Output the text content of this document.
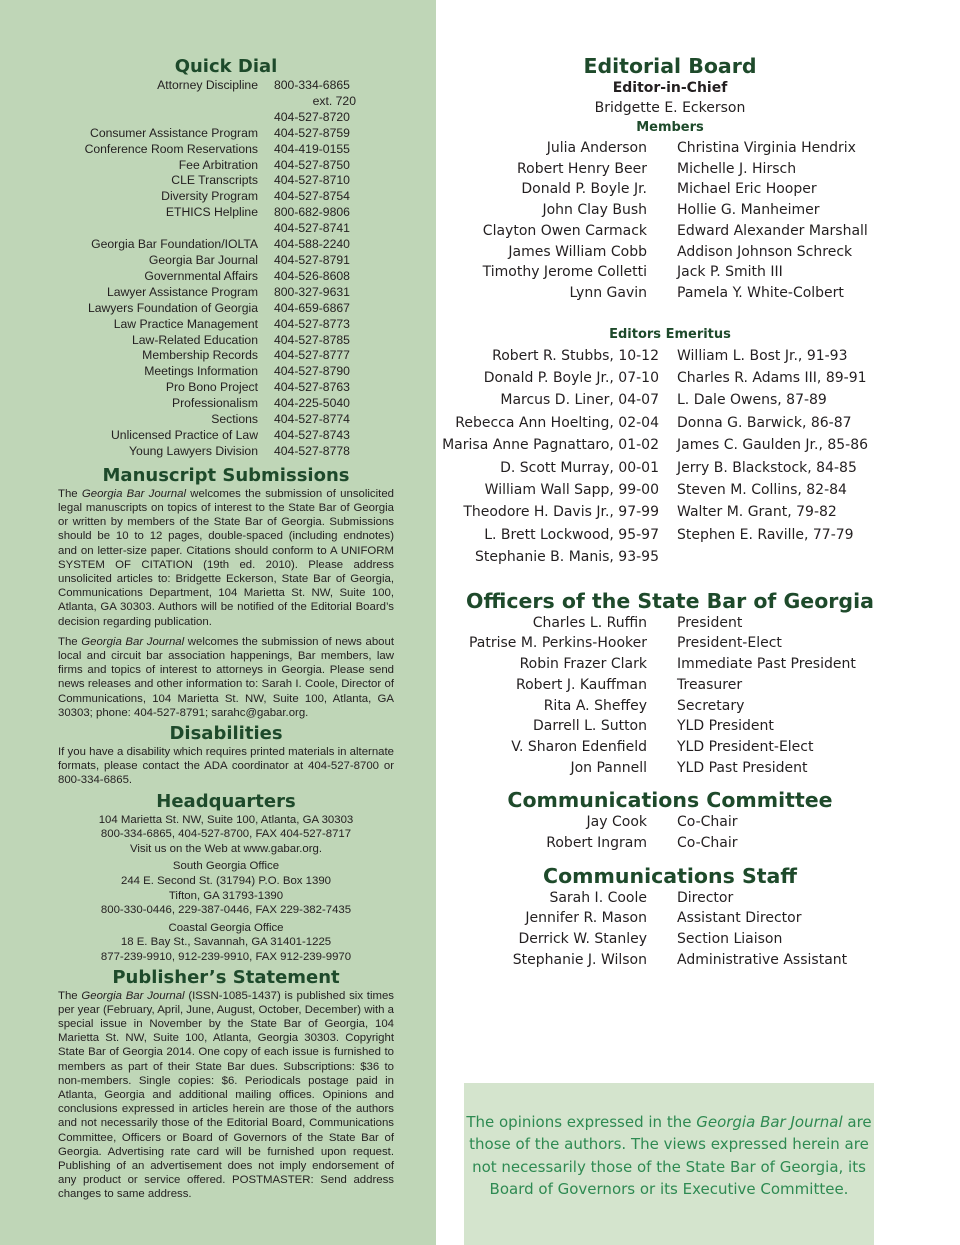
Quick Dial
Attorney Discipline 800-334-6865
ext. 720
404-527-8720
Consumer Assistance Program 404-527-8759
Conference Room Reservations 404-419-0155
Fee Arbitration 404-527-8750
CLE Transcripts 404-527-8710
Diversity Program 404-527-8754
ETHICS Helpline 800-682-9806
404-527-8741
Georgia Bar Foundation/IOLTA 404-588-2240
Georgia Bar Journal 404-527-8791
Governmental Affairs 404-526-8608
Lawyer Assistance Program 800-327-9631
Lawyers Foundation of Georgia 404-659-6867
Law Practice Management 404-527-8773
Law-Related Education 404-527-8785
Membership Records 404-527-8777
Meetings Information 404-527-8790
Pro Bono Project 404-527-8763
Professionalism 404-225-5040
Sections 404-527-8774
Unlicensed Practice of Law 404-527-8743
Young Lawyers Division 404-527-8778
Manuscript Submissions

The Georgia Bar Journal welcomes the submission of unsolicited legal manuscripts on topics of interest to the State Bar of Georgia or written by members of the State Bar of Georgia. Submissions should be 10 to 12 pages, double-spaced (including endnotes) and on letter-size paper. Citations should conform to A UNIFORM SYSTEM OF CITATION (19th ed. 2010). Please address unsolicited articles to: Bridgette Eckerson, State Bar of Georgia, Communications Department, 104 Marietta St. NW, Suite 100, Atlanta, GA 30303. Authors will be notified of the Editorial Board’s decision regarding publication.

The Georgia Bar Journal welcomes the submission of news about local and circuit bar association happenings, Bar members, law firms and topics of interest to attorneys in Georgia. Please send news releases and other information to: Sarah I. Coole, Director of Communications, 104 Marietta St. NW, Suite 100, Atlanta, GA 30303; phone: 404-527-8791; sarahc@gabar.org.

Disabilities

If you have a disability which requires printed materials in alternate formats, please contact the ADA coordinator at 404-527-8700 or 800-334-6865.

Headquarters

104 Marietta St. NW, Suite 100, Atlanta, GA 30303
800-334-6865, 404-527-8700, FAX 404-527-8717
Visit us on the Web at www.gabar.org.

South Georgia Office
244 E. Second St. (31794) P.O. Box 1390
Tifton, GA 31793-1390
800-330-0446, 229-387-0446, FAX 229-382-7435

Coastal Georgia Office
18 E. Bay St., Savannah, GA 31401-1225
877-239-9910, 912-239-9910, FAX 912-239-9970

Publisher’s Statement

The Georgia Bar Journal (ISSN-1085-1437) is published six times per year (February, April, June, August, October, December) with a special issue in November by the State Bar of Georgia, 104 Marietta St. NW, Suite 100, Atlanta, Georgia 30303. Copyright State Bar of Georgia 2014. One copy of each issue is furnished to members as part of their State Bar dues. Subscriptions: $36 to non-members. Single copies: $6. Periodicals postage paid in Atlanta, Georgia and additional mailing offices. Opinions and conclusions expressed in articles herein are those of the authors and not necessarily those of the Editorial Board, Communications Committee, Officers or Board of Governors of the State Bar of Georgia. Advertising rate card will be furnished upon request. Publishing of an advertisement does not imply endorsement of any product or service offered. POSTMASTER: Send address changes to same address.

Editorial Board

Editor-in-Chief

Bridgette E. Eckerson

Members

Julia Anderson Christina Virginia Hendrix
Robert Henry Beer Michelle J. Hirsch
Donald P. Boyle Jr. Michael Eric Hooper
John Clay Bush Hollie G. Manheimer
Clayton Owen Carmack Edward Alexander Marshall
James William Cobb Addison Johnson Schreck
Timothy Jerome Colletti Jack P. Smith III
Lynn Gavin Pamela Y. White-Colbert

Editors Emeritus

Robert R. Stubbs, 10-12 William L. Bost Jr., 91-93
Donald P. Boyle Jr., 07-10 Charles R. Adams III, 89-91
Marcus D. Liner, 04-07 L. Dale Owens, 87-89
Rebecca Ann Hoelting, 02-04 Donna G. Barwick, 86-87
Marisa Anne Pagnattaro, 01-02 James C. Gaulden Jr., 85-86
D. Scott Murray, 00-01 Jerry B. Blackstock, 84-85
William Wall Sapp, 99-00 Steven M. Collins, 82-84
Theodore H. Davis Jr., 97-99 Walter M. Grant, 79-82
L. Brett Lockwood, 95-97 Stephen E. Raville, 77-79
Stephanie B. Manis, 93-95
Officers of the State Bar of Georgia
Charles L. Ruffin President
Patrise M. Perkins-Hooker President-Elect
Robin Frazer Clark Immediate Past President
Robert J. Kauffman Treasurer
Rita A. Sheffey Secretary
Darrell L. Sutton YLD President
V. Sharon Edenfield YLD President-Elect
Jon Pannell YLD Past President
Communications Committee
Jay Cook Co-Chair
Robert Ingram Co-Chair
Communications Staff
Sarah I. Coole Director
Jennifer R. Mason Assistant Director
Derrick W. Stanley Section Liaison
Stephanie J. Wilson Administrative Assistant

The opinions expressed in the Georgia Bar Journal are those of the authors. The views expressed herein are not necessarily those of the State Bar of Georgia, its Board of Governors or its Executive Committee.
